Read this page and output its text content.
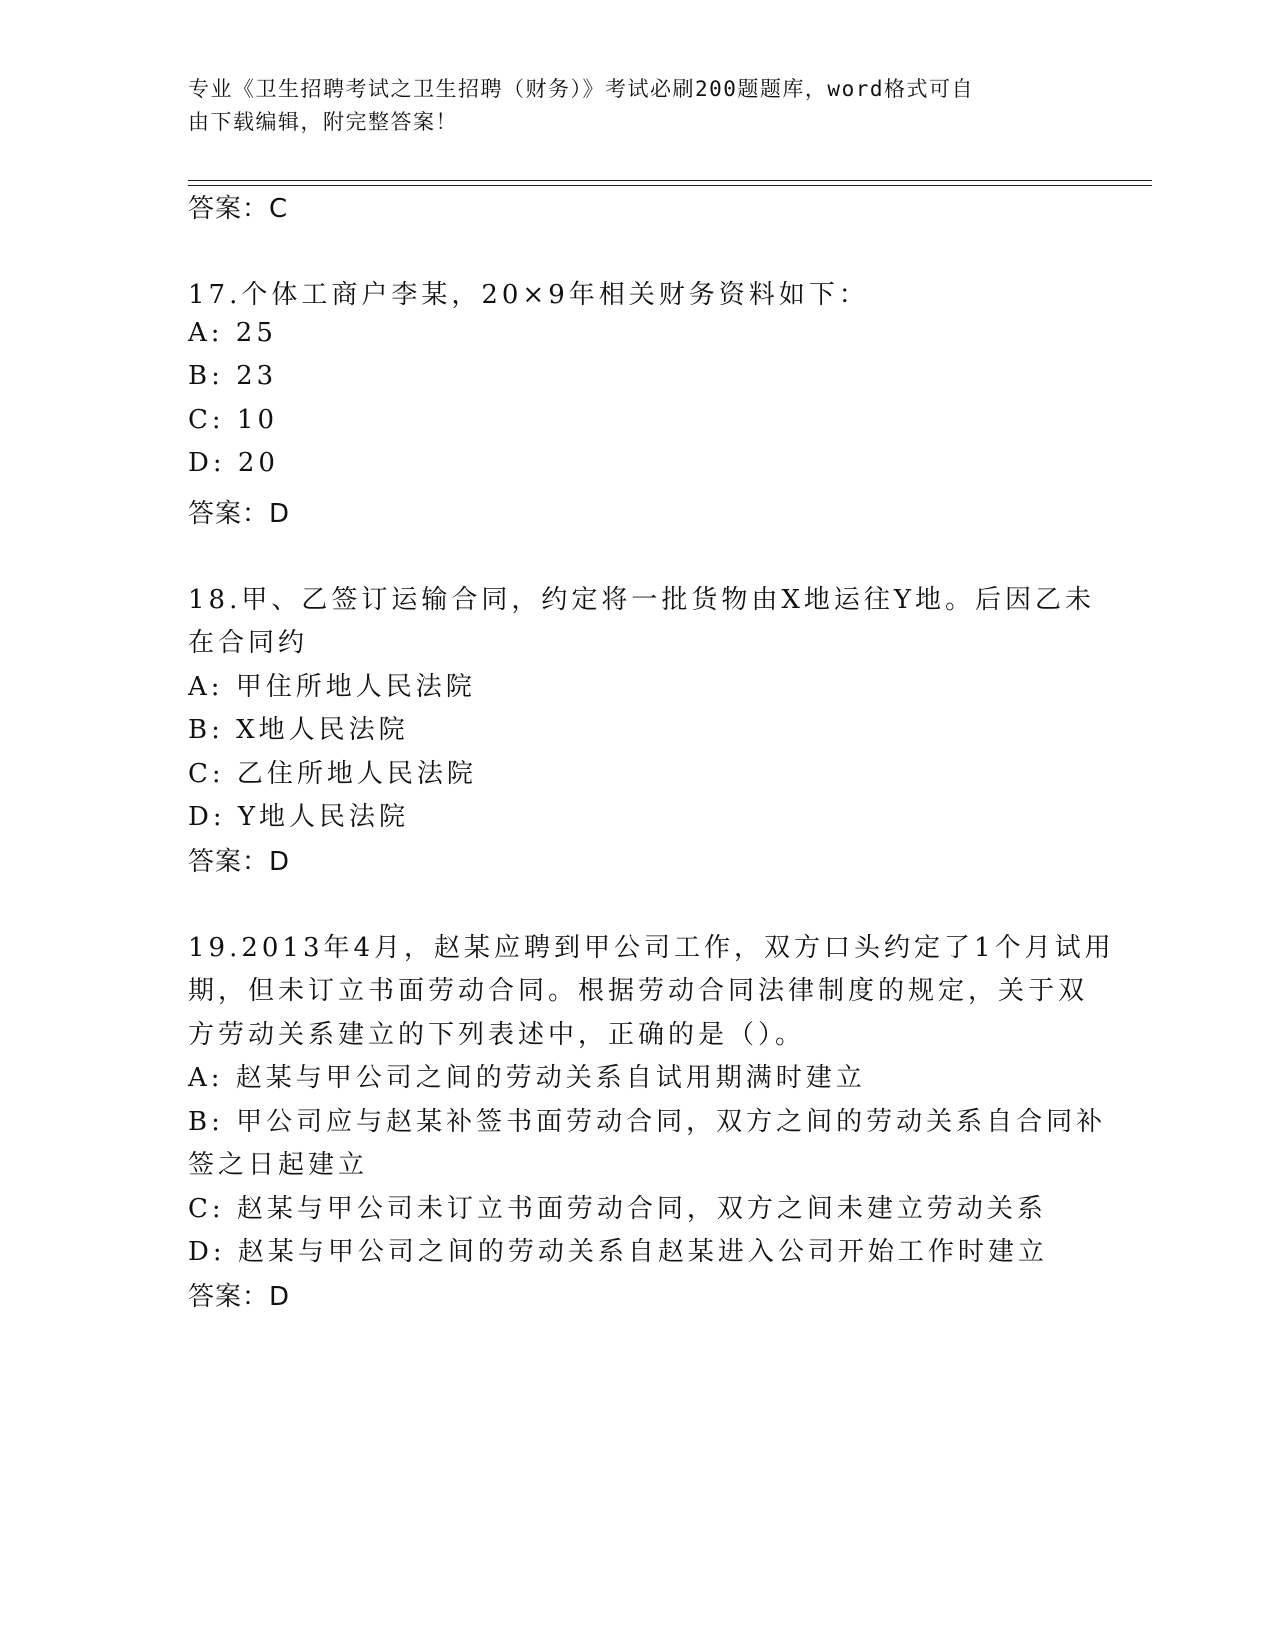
专业《卫生招聘考试之卫生招聘（财务）》考试必刷200题题库，word格式可自
由下载编辑，附完整答案！
答案：C
17.个体工商户李某，20×9年相关财务资料如下：
A: 25
B: 23
C: 10
D: 20
答案：D
18.甲、乙签订运输合同，约定将一批货物由X地运往Y地。后因乙未
在合同约
A: 甲住所地人民法院
B: X地人民法院
C: 乙住所地人民法院
D: Y地人民法院
答案：D
19.2013年4月，赵某应聘到甲公司工作，双方口头约定了1个月试用
期，但未订立书面劳动合同。根据劳动合同法律制度的规定，关于双
方劳动关系建立的下列表述中，正确的是（）。
A: 赵某与甲公司之间的劳动关系自试用期满时建立
B: 甲公司应与赵某补签书面劳动合同，双方之间的劳动关系自合同补
签之日起建立
C: 赵某与甲公司未订立书面劳动合同，双方之间未建立劳动关系
D: 赵某与甲公司之间的劳动关系自赵某进入公司开始工作时建立
答案：D
